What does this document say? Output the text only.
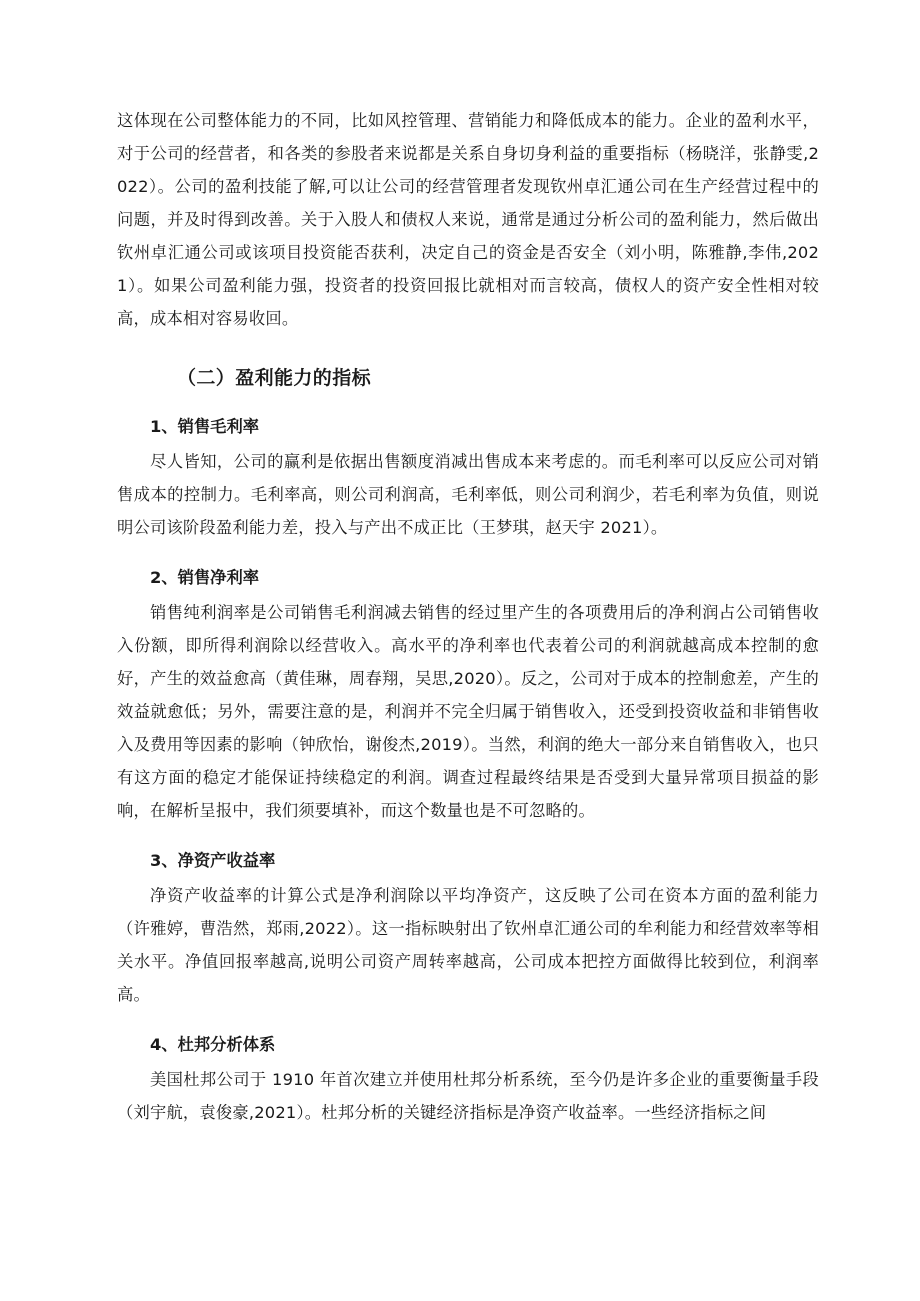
这体现在公司整体能力的不同，比如风控管理、营销能力和降低成本的能力。企业的盈利水平，对于公司的经营者，和各类的参股者来说都是关系自身切身利益的重要指标（杨晓洋，张静雯,2022）。公司的盈利技能了解,可以让公司的经营管理者发现钦州卓汇通公司在生产经营过程中的问题，并及时得到改善。关于入股人和债权人来说，通常是通过分析公司的盈利能力，然后做出钦州卓汇通公司或该项目投资能否获利，决定自己的资金是否安全（刘小明，陈雅静,李伟,2021）。如果公司盈利能力强，投资者的投资回报比就相对而言较高，债权人的资产安全性相对较高，成本相对容易收回。

（二）盈利能力的指标
1、销售毛利率

尽人皆知，公司的赢利是依据出售额度消减出售成本来考虑的。而毛利率可以反应公司对销售成本的控制力。毛利率高，则公司利润高，毛利率低，则公司利润少，若毛利率为负值，则说明公司该阶段盈利能力差，投入与产出不成正比（王梦琪，赵天宇 2021）。

2、销售净利率

销售纯利润率是公司销售毛利润减去销售的经过里产生的各项费用后的净利润占公司销售收入份额，即所得利润除以经营收入。高水平的净利率也代表着公司的利润就越高成本控制的愈好，产生的效益愈高（黄佳琳，周春翔，吴思,2020）。反之，公司对于成本的控制愈差，产生的效益就愈低；另外，需要注意的是，利润并不完全归属于销售收入，还受到投资收益和非销售收入及费用等因素的影响（钟欣怡，谢俊杰,2019）。当然，利润的绝大一部分来自销售收入，也只有这方面的稳定才能保证持续稳定的利润。调查过程最终结果是否受到大量异常项目损益的影响，在解析呈报中，我们须要填补，而这个数量也是不可忽略的。

3、净资产收益率

净资产收益率的计算公式是净利润除以平均净资产，这反映了公司在资本方面的盈利能力（许雅婷，曹浩然，郑雨,2022）。这一指标映射出了钦州卓汇通公司的牟利能力和经营效率等相关水平。净值回报率越高,说明公司资产周转率越高，公司成本把控方面做得比较到位，利润率高。

4、杜邦分析体系

美国杜邦公司于 1910 年首次建立并使用杜邦分析系统，至今仍是许多企业的重要衡量手段（刘宇航，袁俊豪,2021）。杜邦分析的关键经济指标是净资产收益率。一些经济指标之间
